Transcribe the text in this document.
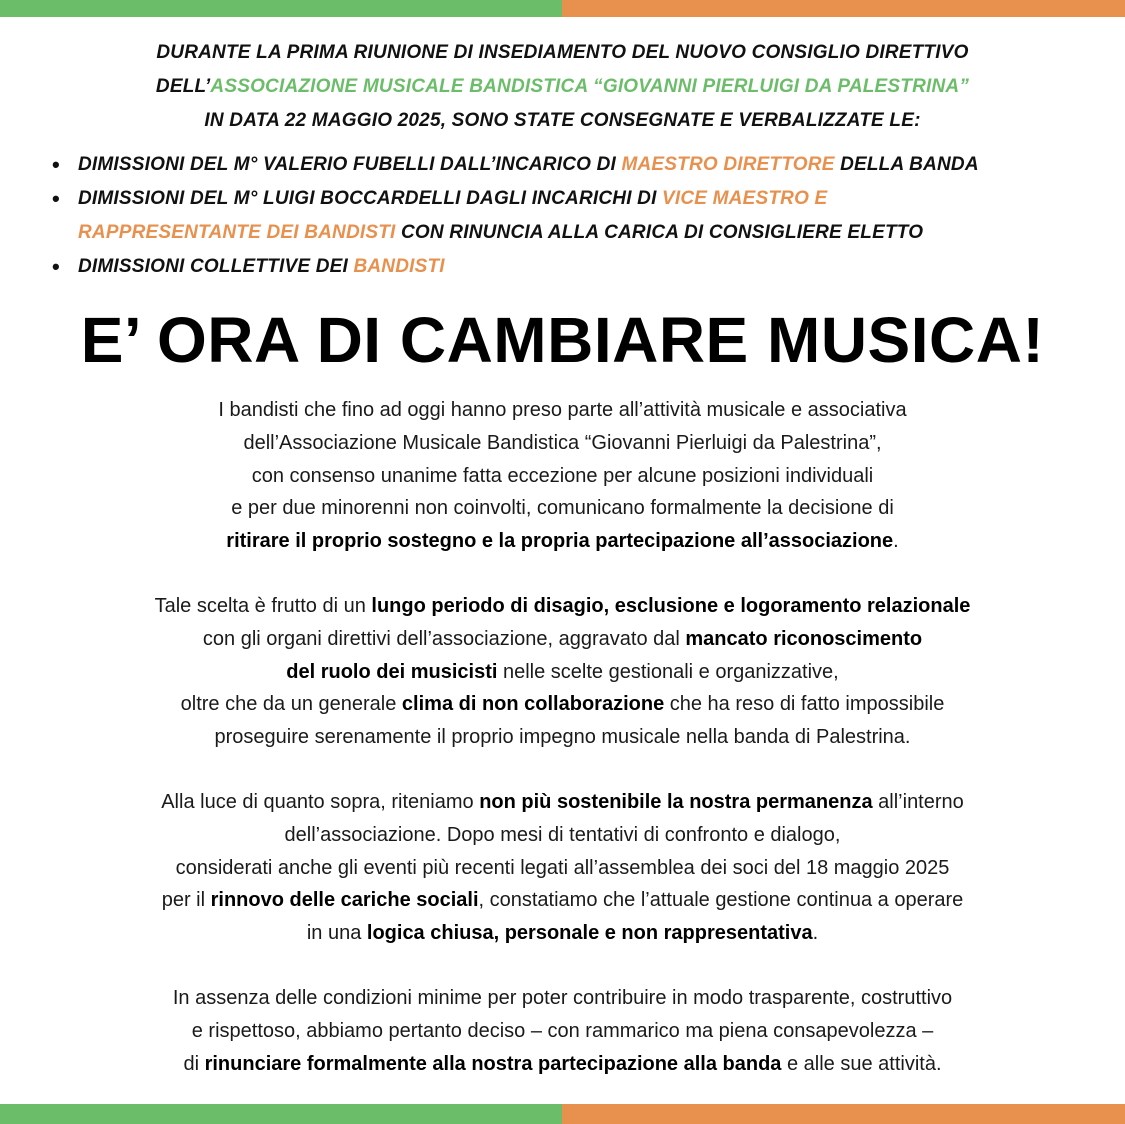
DURANTE LA PRIMA RIUNIONE DI INSEDIAMENTO DEL NUOVO CONSIGLIO DIRETTIVO
DELL’ASSOCIAZIONE MUSICALE BANDISTICA “GIOVANNI PIERLUIGI DA PALESTRINA”
IN DATA 22 MAGGIO 2025, SONO STATE CONSEGNATE E VERBALIZZATE LE:
• DIMISSIONI DEL M° VALERIO FUBELLI DALL’INCARICO DI MAESTRO DIRETTORE DELLA BANDA
• DIMISSIONI DEL M° LUIGI BOCCARDELLI DAGLI INCARICHI DI VICE MAESTRO E
RAPPRESENTANTE DEI BANDISTI CON RINUNCIA ALLA CARICA DI CONSIGLIERE ELETTO
• DIMISSIONI COLLETTIVE DEI BANDISTI
E’ ORA DI CAMBIARE MUSICA!

I bandisti che fino ad oggi hanno preso parte all’attività musicale e associativa
dell’Associazione Musicale Bandistica “Giovanni Pierluigi da Palestrina”,
con consenso unanime fatta eccezione per alcune posizioni individuali
e per due minorenni non coinvolti, comunicano formalmente la decisione di
ritirare il proprio sostegno e la propria partecipazione all’associazione.

Tale scelta è frutto di un lungo periodo di disagio, esclusione e logoramento relazionale
con gli organi direttivi dell’associazione, aggravato dal mancato riconoscimento
del ruolo dei musicisti nelle scelte gestionali e organizzative,
oltre che da un generale clima di non collaborazione che ha reso di fatto impossibile
proseguire serenamente il proprio impegno musicale nella banda di Palestrina.

Alla luce di quanto sopra, riteniamo non più sostenibile la nostra permanenza all’interno
dell’associazione. Dopo mesi di tentativi di confronto e dialogo,
considerati anche gli eventi più recenti legati all’assemblea dei soci del 18 maggio 2025
per il rinnovo delle cariche sociali, constatiamo che l’attuale gestione continua a operare
in una logica chiusa, personale e non rappresentativa.

In assenza delle condizioni minime per poter contribuire in modo trasparente, costruttivo
e rispettoso, abbiamo pertanto deciso – con rammarico ma piena consapevolezza –
di rinunciare formalmente alla nostra partecipazione alla banda e alle sue attività.
